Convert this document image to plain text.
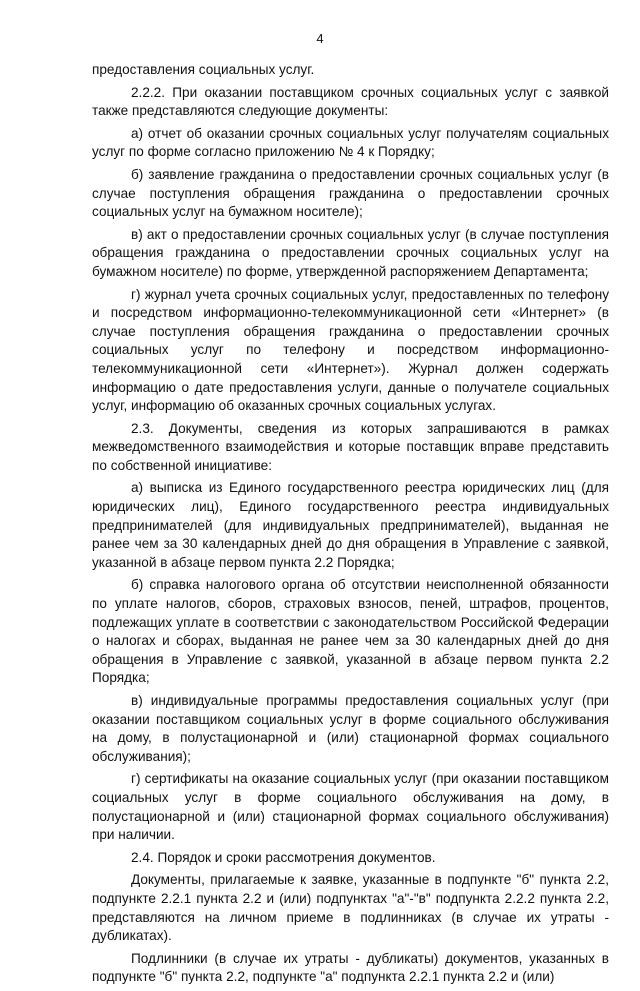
4

предоставления социальных услуг.

2.2.2. При оказании поставщиком срочных социальных услуг с заявкой также представляются следующие документы:

а) отчет об оказании срочных социальных услуг получателям социальных услуг по форме согласно приложению № 4 к Порядку;

б) заявление гражданина о предоставлении срочных социальных услуг (в случае поступления обращения гражданина о предоставлении срочных социальных услуг на бумажном носителе);

в) акт о предоставлении срочных социальных услуг (в случае поступления обращения гражданина о предоставлении срочных социальных услуг на бумажном носителе) по форме, утвержденной распоряжением Департамента;

г) журнал учета срочных социальных услуг, предоставленных по телефону и посредством информационно-телекоммуникационной сети «Интернет» (в случае поступления обращения гражданина о предоставлении срочных социальных услуг по телефону и посредством информационно-телекоммуникационной сети «Интернет»). Журнал должен содержать информацию о дате предоставления услуги, данные о получателе социальных услуг, информацию об оказанных срочных социальных услугах.

2.3. Документы, сведения из которых запрашиваются в рамках межведомственного взаимодействия и которые поставщик вправе представить по собственной инициативе:

а) выписка из Единого государственного реестра юридических лиц (для юридических лиц), Единого государственного реестра индивидуальных предпринимателей (для индивидуальных предпринимателей), выданная не ранее чем за 30 календарных дней до дня обращения в Управление с заявкой, указанной в абзаце первом пункта 2.2 Порядка;

б) справка налогового органа об отсутствии неисполненной обязанности по уплате налогов, сборов, страховых взносов, пеней, штрафов, процентов, подлежащих уплате в соответствии с законодательством Российской Федерации о налогах и сборах, выданная не ранее чем за 30 календарных дней до дня обращения в Управление с заявкой, указанной в абзаце первом пункта 2.2 Порядка;

в) индивидуальные программы предоставления социальных услуг (при оказании поставщиком социальных услуг в форме социального обслуживания на дому, в полустационарной и (или) стационарной формах социального обслуживания);

г) сертификаты на оказание социальных услуг (при оказании поставщиком социальных услуг в форме социального обслуживания на дому, в полустационарной и (или) стационарной формах социального обслуживания) при наличии.

2.4. Порядок и сроки рассмотрения документов.

Документы, прилагаемые к заявке, указанные в подпункте "б" пункта 2.2, подпункте 2.2.1 пункта 2.2 и (или) подпунктах "а"-"в" подпункта 2.2.2 пункта 2.2, представляются на личном приеме в подлинниках (в случае их утраты - дубликатах).

Подлинники (в случае их утраты - дубликаты) документов, указанных в подпункте "б" пункта 2.2, подпункте "а" подпункта 2.2.1 пункта 2.2 и (или)
